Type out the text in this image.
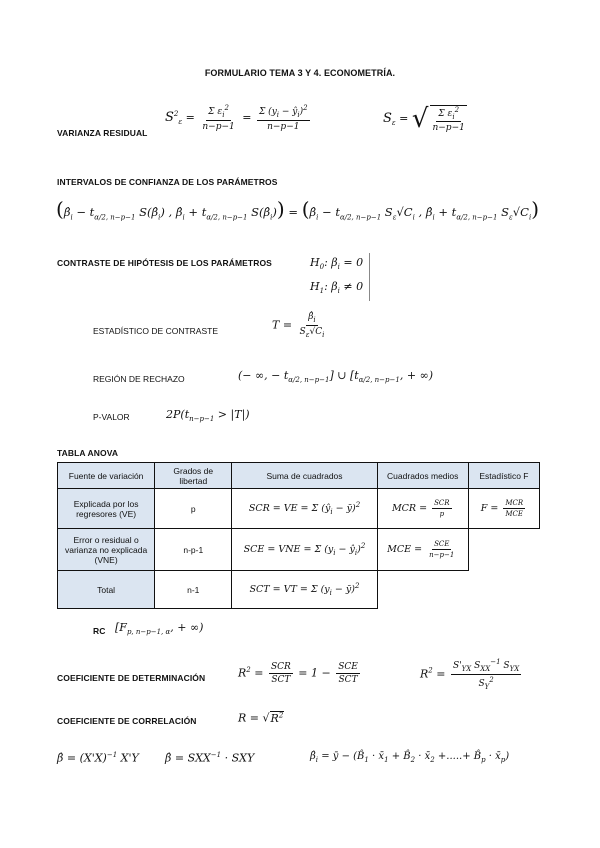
FORMULARIO TEMA 3 Y 4. ECONOMETRÍA.
VARIANZA RESIDUAL
$S^2_\varepsilon = \frac{\Sigma \varepsilon_i^2}{n-p-1} = \frac{\Sigma (y_i - ŷ_i)^2}{n-p-1}$	$S_\varepsilon$ = √ $\frac{\Sigma \varepsilon_i^2}{n-p-1}$
INTERVALOS DE CONFIANZA DE LOS PARÁMETROS
($\betâ_i - t_{\alpha/2, n-p-1}$ $S(\betâ_i)$ , $\betâ_i + t_{\alpha/2, n-p-1}$ $S(\betâ_i)$) = ($\betâ_i - t_{\alpha/2, n-p-1}$ $S_\varepsilon√C_i$ , $\betâ_i + t_{\alpha/2, n-p-1}$ $S_\varepsilon√C_i$)
CONTRASTE DE HIPÓTESIS DE LOS PARÁMETROS	$H_0$: $\beta_i = 0$
$H_1$: $\beta_i \ne 0$
ESTADÍSTICO DE CONTRASTE	$T = \frac{\betâ_i}{S_\varepsilon√C_i}$
REGIÓN DE RECHAZO	(− ∞, − $t_{\alpha/2, n-p-1}$] ∪ [$t_{\alpha/2, n-p-1}$, + ∞)
P-VALOR	$2P(t_{n-p-1} > |T|)$
TABLA ANOVA
Fuente de variación	Grados de libertad	Suma de cuadrados	Cuadrados medios	Estadístico F
Explicada por los regresores (VE)	p	SCR = VE = Σ ($ŷ_i$ − ȳ)$^2$	MCR = $\frac{\text{SCR}}{p}$	$F = \frac{\text{MCR}}{\text{MCE}}$

Error o residual o varianza no explicada (VNE)	n-p-1	SCE = VNE = Σ ($y_i$ − $ŷ_i)^2$	MCE = $\frac{\text{SCE}}{n-p-1}$

Total	n-1	SCT = VT = Σ ($y_i$ − ȳ)$^2$		
RC [$F_{p, n-p-1, \alpha}$, + ∞)
COEFICIENTE DE DETERMINACIÓN	$R^2 = \frac{\text{SCR}}{\text{SCT}} = 1 - \frac{\text{SCE}}{\text{SCT}}$	$R^2 = \frac{S'_{YX} S_{XX}^{-1} S_{YX}}{S_Y^2}$
COEFICIENTE DE CORRELACIÓN	$R = √R^2$
β̂ = $(X'X)^{-1}$ X'Y β̂ = $SXX^{-1}$ · SXY	$\betâ_i$ = ȳ − ($B̂_1$ · $x̄_1$ + $B̂_2$ · $x̄_2$ +.....+ $B̂_p$ · $x̄_p$)
